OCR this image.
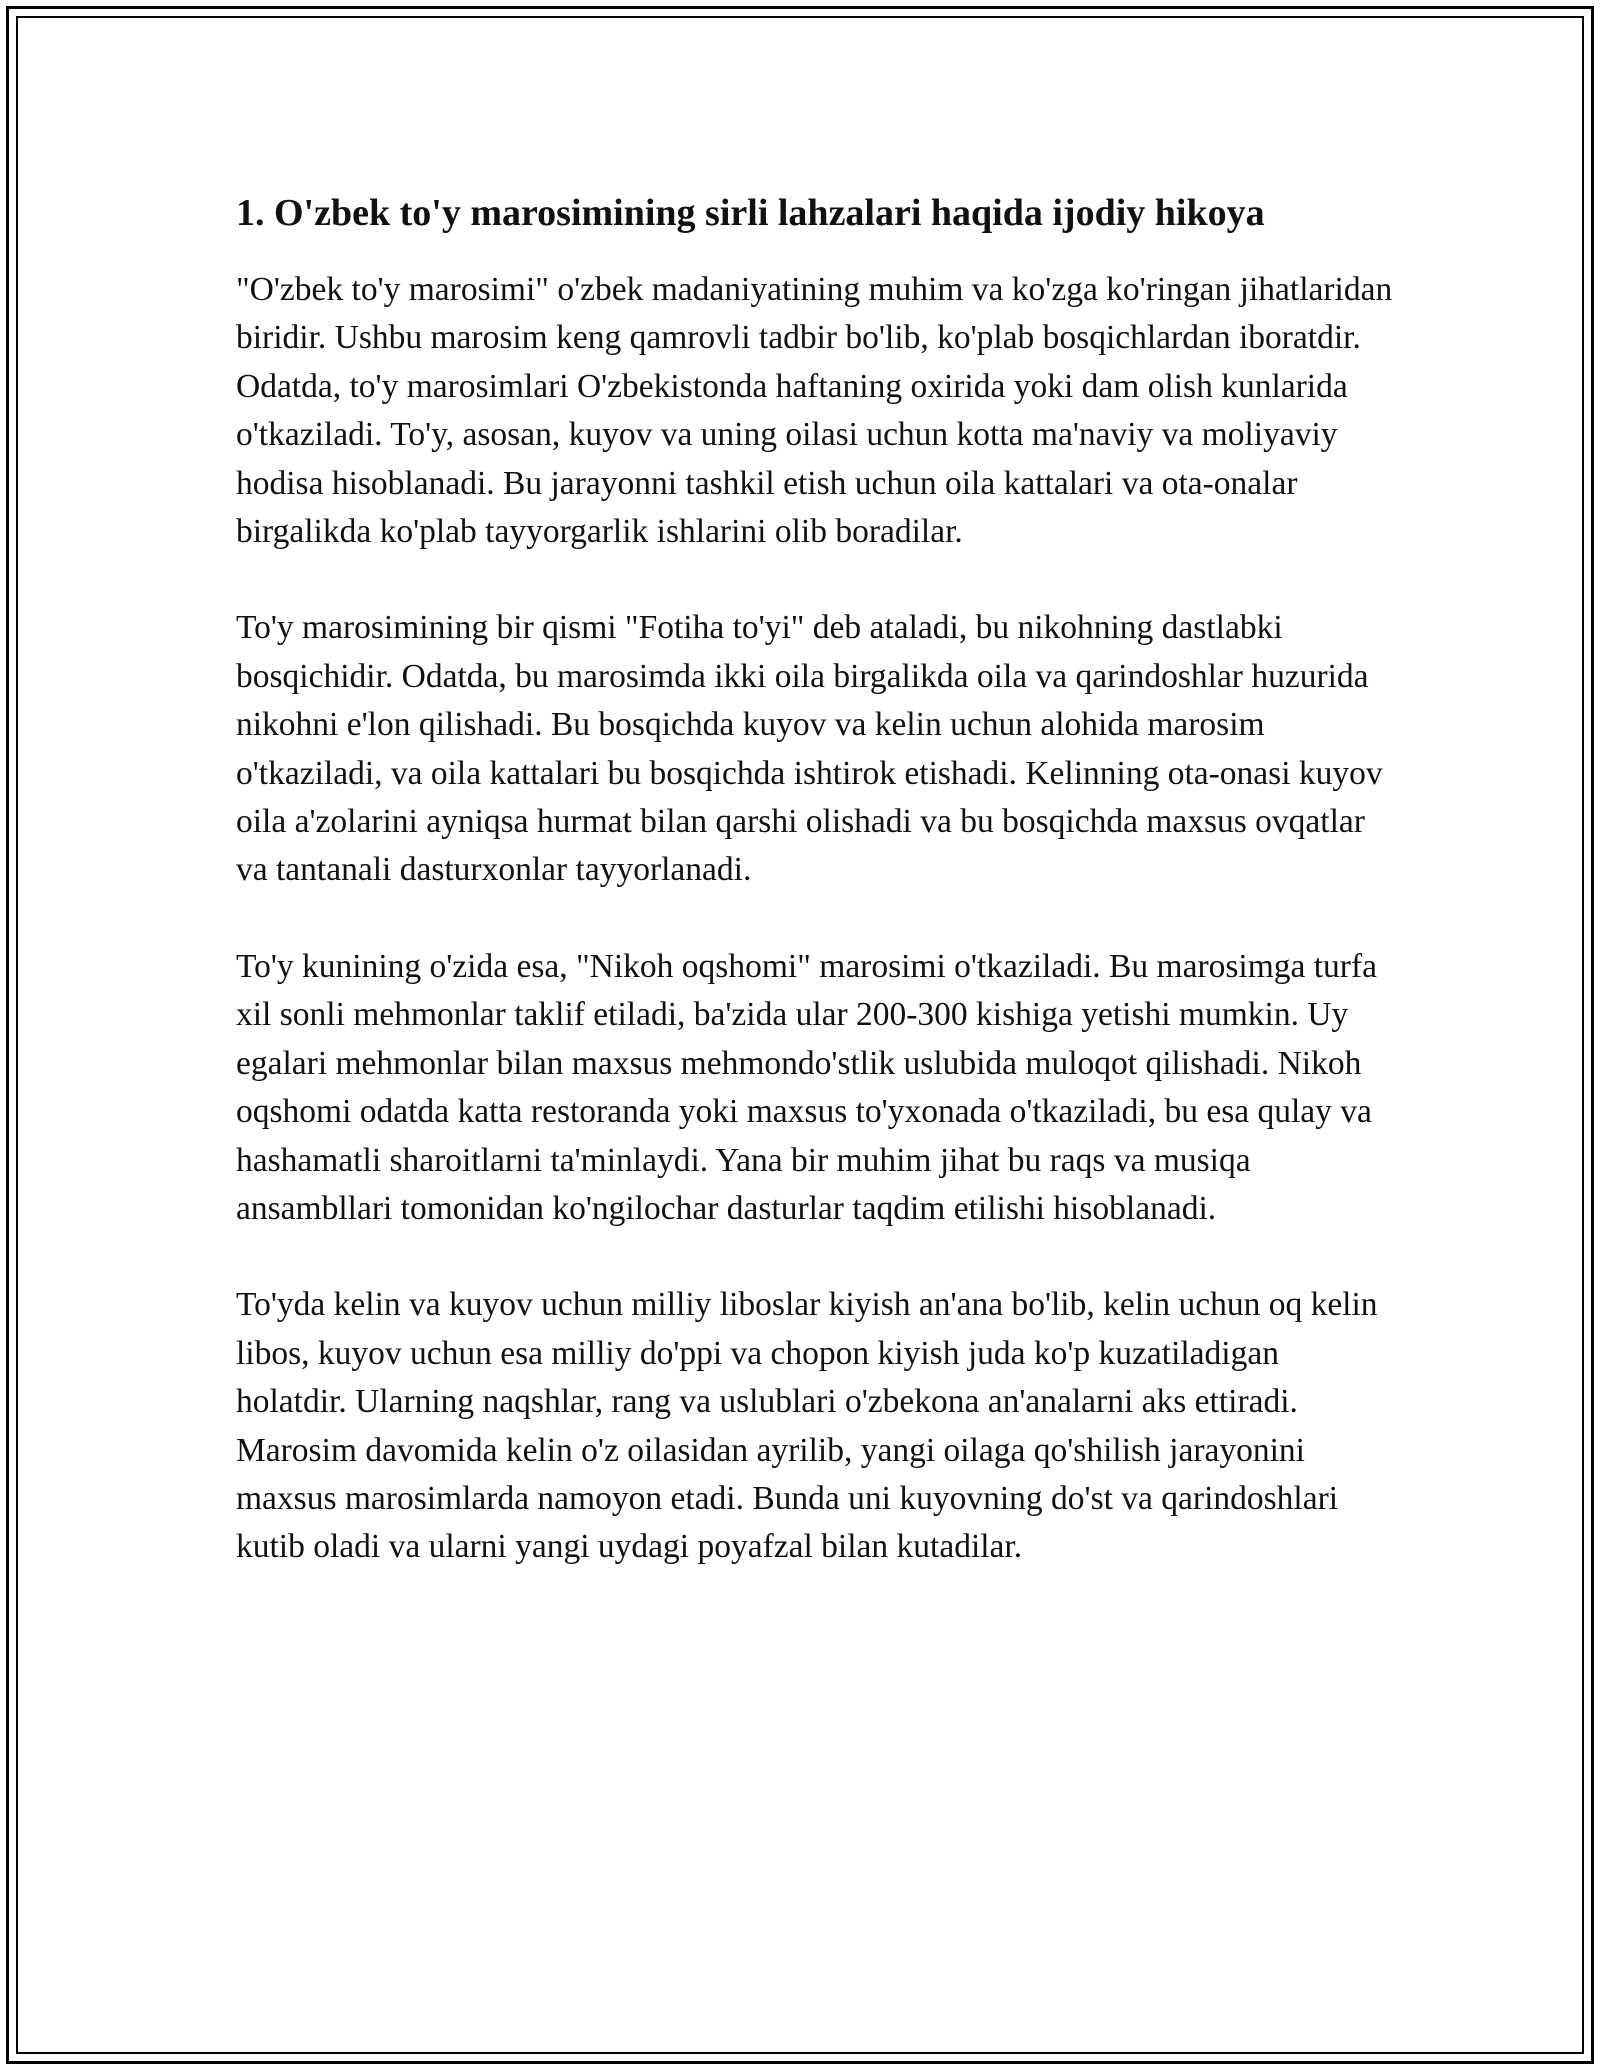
1. O'zbek to'y marosimining sirli lahzalari haqida ijodiy hikoya

"O'zbek to'y marosimi" o'zbek madaniyatining muhim va ko'zga ko'ringan jihatlaridan biridir. Ushbu marosim keng qamrovli tadbir bo'lib, ko'plab bosqichlardan iboratdir. Odatda, to'y marosimlari O'zbekistonda haftaning oxirida yoki dam olish kunlarida o'tkaziladi. To'y, asosan, kuyov va uning oilasi uchun kotta ma'naviy va moliyaviy hodisa hisoblanadi. Bu jarayonni tashkil etish uchun oila kattalari va ota-onalar birgalikda ko'plab tayyorgarlik ishlarini olib boradilar.

To'y marosimining bir qismi "Fotiha to'yi" deb ataladi, bu nikohning dastlabki bosqichidir. Odatda, bu marosimda ikki oila birgalikda oila va qarindoshlar huzurida nikohni e'lon qilishadi. Bu bosqichda kuyov va kelin uchun alohida marosim o'tkaziladi, va oila kattalari bu bosqichda ishtirok etishadi. Kelinning ota-onasi kuyov oila a'zolarini ayniqsa hurmat bilan qarshi olishadi va bu bosqichda maxsus ovqatlar va tantanali dasturxonlar tayyorlanadi.

To'y kunining o'zida esa, "Nikoh oqshomi" marosimi o'tkaziladi. Bu marosimga turfa xil sonli mehmonlar taklif etiladi, ba'zida ular 200-300 kishiga yetishi mumkin. Uy egalari mehmonlar bilan maxsus mehmondo'stlik uslubida muloqot qilishadi. Nikoh oqshomi odatda katta restoranda yoki maxsus to'yxonada o'tkaziladi, bu esa qulay va hashamatli sharoitlarni ta'minlaydi. Yana bir muhim jihat bu raqs va musiqa ansambllari tomonidan ko'ngilochar dasturlar taqdim etilishi hisoblanadi.

To'yda kelin va kuyov uchun milliy liboslar kiyish an'ana bo'lib, kelin uchun oq kelin libos, kuyov uchun esa milliy do'ppi va chopon kiyish juda ko'p kuzatiladigan holatdir. Ularning naqshlar, rang va uslublari o'zbekona an'analarni aks ettiradi. Marosim davomida kelin o'z oilasidan ayrilib, yangi oilaga qo'shilish jarayonini maxsus marosimlarda namoyon etadi. Bunda uni kuyovning do'st va qarindoshlari kutib oladi va ularni yangi uydagi poyafzal bilan kutadilar.
